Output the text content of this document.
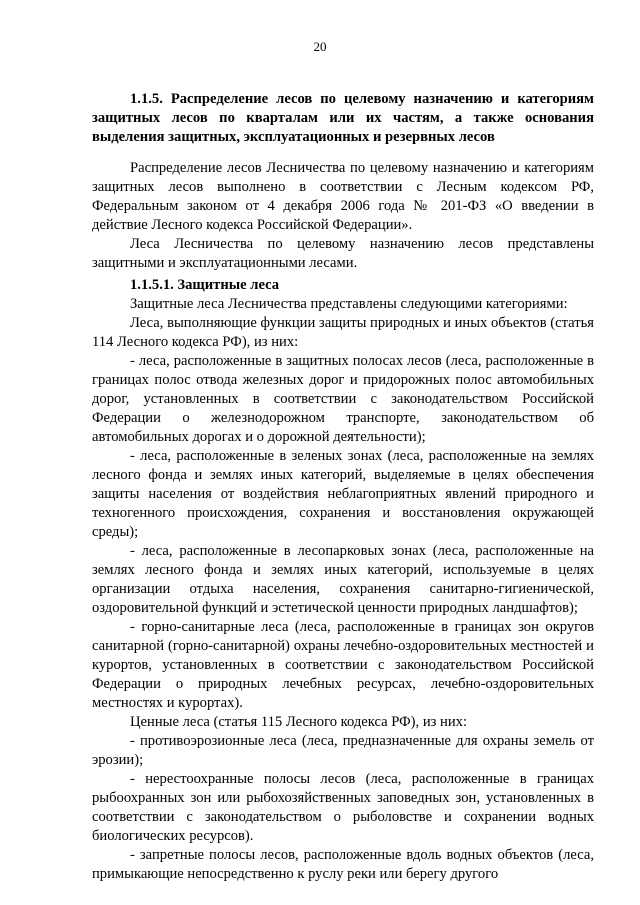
20

1.1.5. Распределение лесов по целевому назначению и категориям защитных лесов по кварталам или их частям, а также основания выделения защитных, эксплуатационных и резервных лесов

Распределение лесов Лесничества по целевому назначению и категориям защитных лесов выполнено в соответствии с Лесным кодексом РФ, Федеральным законом от 4 декабря 2006 года № 201-ФЗ «О введении в действие Лесного кодекса Российской Федерации».

Леса Лесничества по целевому назначению лесов представлены защитными и эксплуатационными лесами.

1.1.5.1. Защитные леса

Защитные леса Лесничества представлены следующими категориями:

Леса, выполняющие функции защиты природных и иных объектов (статья 114 Лесного кодекса РФ), из них:

- леса, расположенные в защитных полосах лесов (леса, расположенные в границах полос отвода железных дорог и придорожных полос автомобильных дорог, установленных в соответствии с законодательством Российской Федерации о железнодорожном транспорте, законодательством об автомобильных дорогах и о дорожной деятельности);

- леса, расположенные в зеленых зонах (леса, расположенные на землях лесного фонда и землях иных категорий, выделяемые в целях обеспечения защиты населения от воздействия неблагоприятных явлений природного и техногенного происхождения, сохранения и восстановления окружающей среды);

- леса, расположенные в лесопарковых зонах (леса, расположенные на землях лесного фонда и землях иных категорий, используемые в целях организации отдыха населения, сохранения санитарно-гигиенической, оздоровительной функций и эстетической ценности природных ландшафтов);

- горно-санитарные леса (леса, расположенные в границах зон округов санитарной (горно-санитарной) охраны лечебно-оздоровительных местностей и курортов, установленных в соответствии с законодательством Российской Федерации о природных лечебных ресурсах, лечебно-оздоровительных местностях и курортах).

Ценные леса (статья 115 Лесного кодекса РФ), из них:

- противоэрозионные леса (леса, предназначенные для охраны земель от эрозии);

- нерестоохранные полосы лесов (леса, расположенные в границах рыбоохранных зон или рыбохозяйственных заповедных зон, установленных в соответствии с законодательством о рыболовстве и сохранении водных биологических ресурсов).

- запретные полосы лесов, расположенные вдоль водных объектов (леса, примыкающие непосредственно к руслу реки или берегу другого
